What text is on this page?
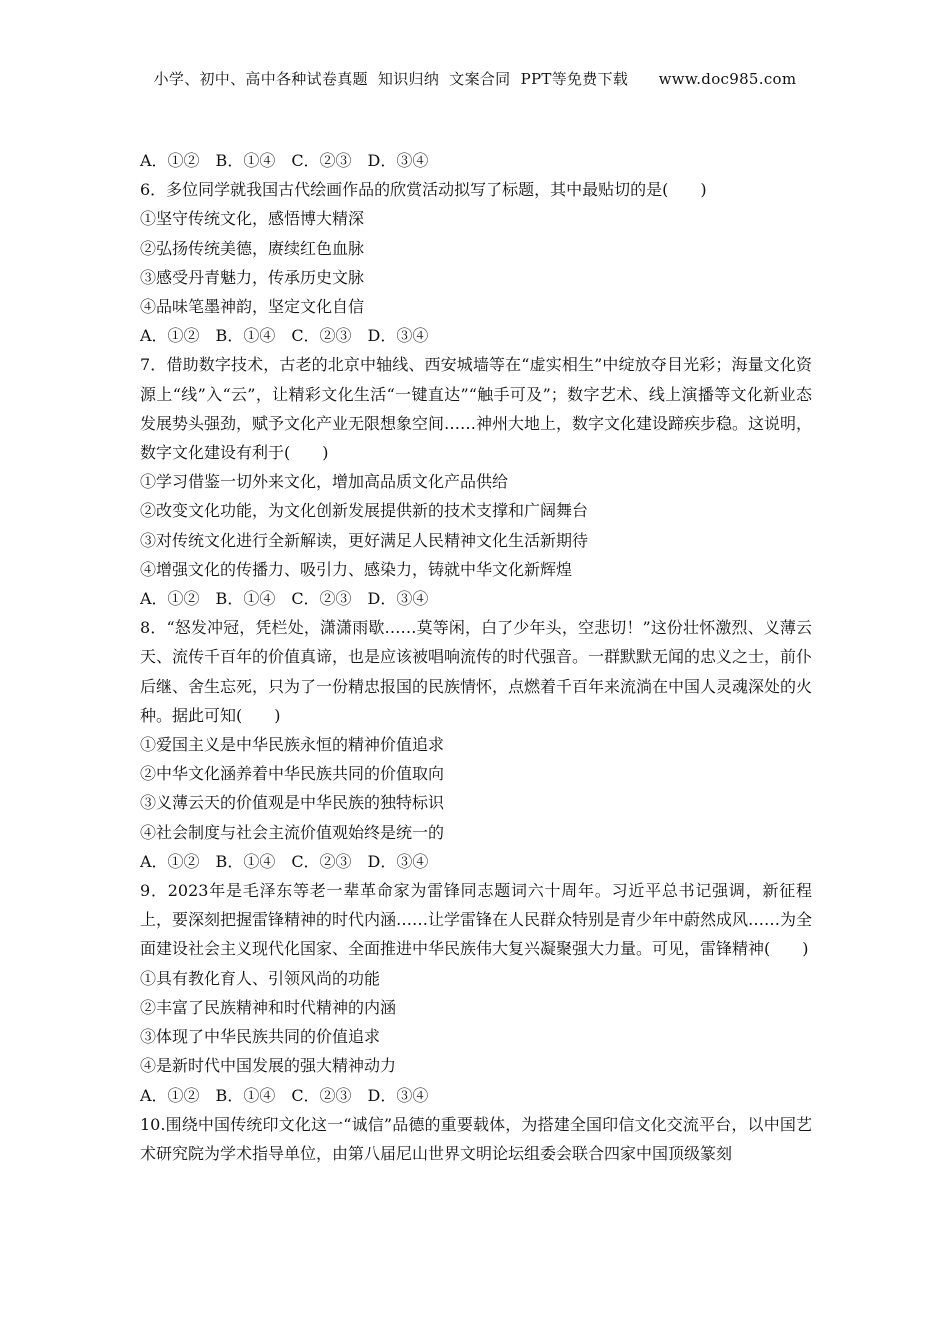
小学、初中、高中各种试卷真题  知识归纳  文案合同  PPT等免费下载      www.doc985.com
A．①②　B．①④　C．②③　D．③④
6．多位同学就我国古代绘画作品的欣赏活动拟写了标题，其中最贴切的是(　　)
①坚守传统文化，感悟博大精深
②弘扬传统美德，赓续红色血脉
③感受丹青魅力，传承历史文脉
④品味笔墨神韵，坚定文化自信
A．①②　B．①④　C．②③　D．③④
7．借助数字技术，古老的北京中轴线、西安城墙等在“虚实相生”中绽放夺目光彩；海量文化资源上“线”入“云”，让精彩文化生活“一键直达”“触手可及”；数字艺术、线上演播等文化新业态发展势头强劲，赋予文化产业无限想象空间……神州大地上，数字文化建设蹄疾步稳。这说明，数字文化建设有利于(　　)
①学习借鉴一切外来文化，增加高品质文化产品供给
②改变文化功能，为文化创新发展提供新的技术支撑和广阔舞台
③对传统文化进行全新解读，更好满足人民精神文化生活新期待
④增强文化的传播力、吸引力、感染力，铸就中华文化新辉煌
A．①②　B．①④　C．②③　D．③④
8．“怒发冲冠，凭栏处，潇潇雨歇……莫等闲，白了少年头，空悲切！”这份壮怀激烈、义薄云天、流传千百年的价值真谛，也是应该被唱响流传的时代强音。一群默默无闻的忠义之士，前仆后继、舍生忘死，只为了一份精忠报国的民族情怀，点燃着千百年来流淌在中国人灵魂深处的火种。据此可知(　　)
①爱国主义是中华民族永恒的精神价值追求
②中华文化涵养着中华民族共同的价值取向
③义薄云天的价值观是中华民族的独特标识
④社会制度与社会主流价值观始终是统一的
A．①②　B．①④　C．②③　D．③④
9．2023年是毛泽东等老一辈革命家为雷锋同志题词六十周年。习近平总书记强调，新征程上，要深刻把握雷锋精神的时代内涵……让学雷锋在人民群众特别是青少年中蔚然成风……为全面建设社会主义现代化国家、全面推进中华民族伟大复兴凝聚强大力量。可见，雷锋精神(　　)
①具有教化育人、引领风尚的功能
②丰富了民族精神和时代精神的内涵
③体现了中华民族共同的价值追求
④是新时代中国发展的强大精神动力
A．①②　B．①④　C．②③　D．③④
10.围绕中国传统印文化这一“诚信”品德的重要载体，为搭建全国印信文化交流平台，以中国艺术研究院为学术指导单位，由第八届尼山世界文明论坛组委会联合四家中国顶级篆刻
